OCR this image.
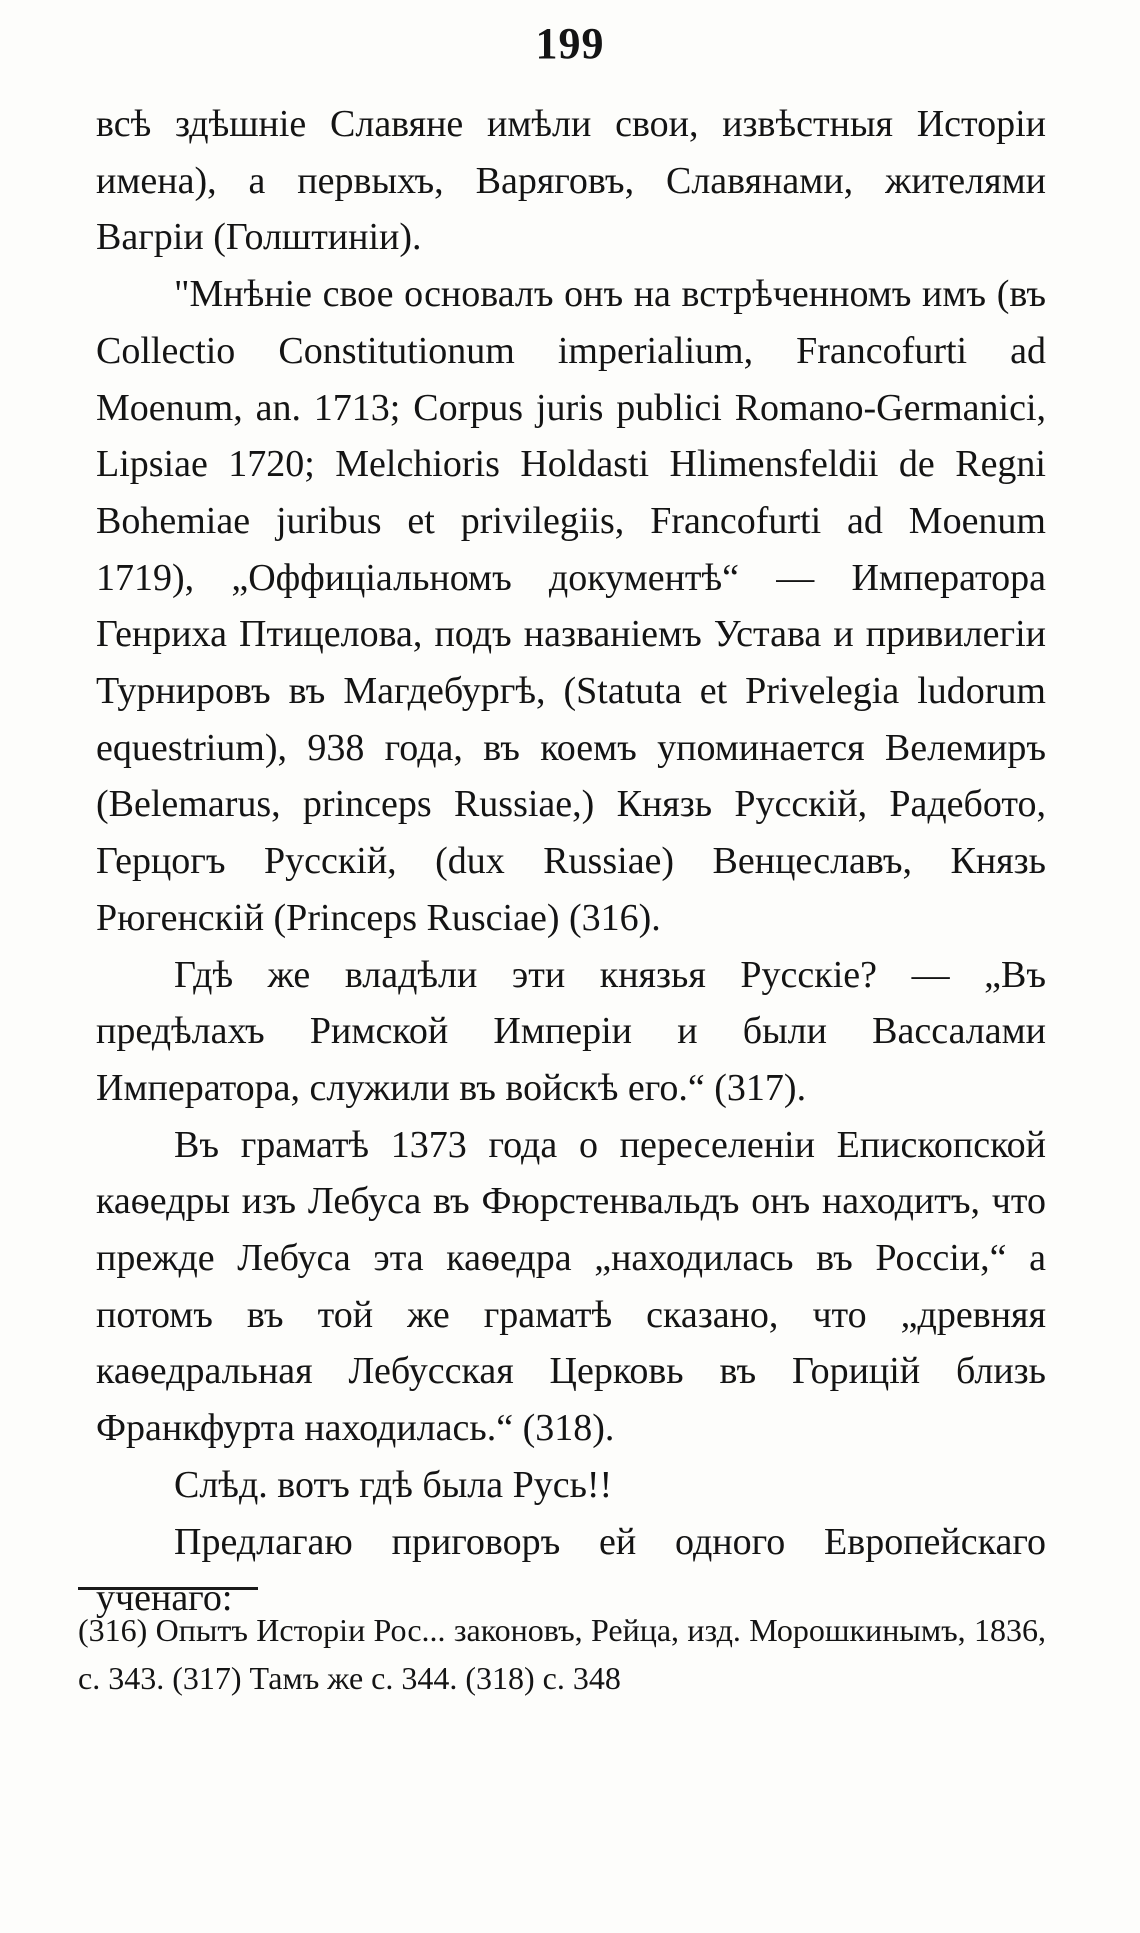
199

всѣ здѣшніе Славяне имѣли свои, извѣстныя Исторіи имена), а первыхъ, Варяговъ, Славянами, жителями Вагріи (Голштиніи).

"Мнѣніе свое основалъ онъ на встрѣченномъ имъ (въ Collectio Constitutionum imperialium, Francofurti ad Moenum, an. 1713; Corpus juris publici Romano-Germanici, Lipsiae 1720; Melchioris Holdasti Hlimensfeldii de Regni Bohemiae juribus et privilegiis, Francofurti ad Moenum 1719), „Оффиціальномъ документѣ“ — Императора Генриха Птицелова, подъ названіемъ Устава и привилегіи Турнировъ въ Магдебургѣ, (Statuta et Privelegia ludorum equestrium), 938 года, въ коемъ упоминается Велемиръ (Belemarus, princeps Russiae,) Князь Русскій, Радебото, Герцогъ Русскій, (dux Russiae) Венцеславъ, Князь Рюгенскій (Princeps Rusciae) (316).

Гдѣ же владѣли эти князья Русскіе? — „Въ предѣлахъ Римской Имперіи и были Вассалами Императора, служили въ войскѣ его.“ (317).

Въ граматѣ 1373 года о переселеніи Епископской каѳедры изъ Лебуса въ Фюрстенвальдъ онъ находитъ, что прежде Лебуса эта каѳедра „находилась въ Россіи,“ а потомъ въ той же граматѣ сказано, что „древняя каѳедральная Лебусская Церковь въ Горицій близь Франкфурта находилась.“ (318).

Слѣд. вотъ гдѣ была Русь!!

Предлагаю приговоръ ей одного Европейскаго ученаго:

(316) Опытъ Исторіи Рос... законовъ, Рейца, изд. Морошкинымъ, 1836, с. 343. (317) Тамъ же с. 344. (318) с. 348
